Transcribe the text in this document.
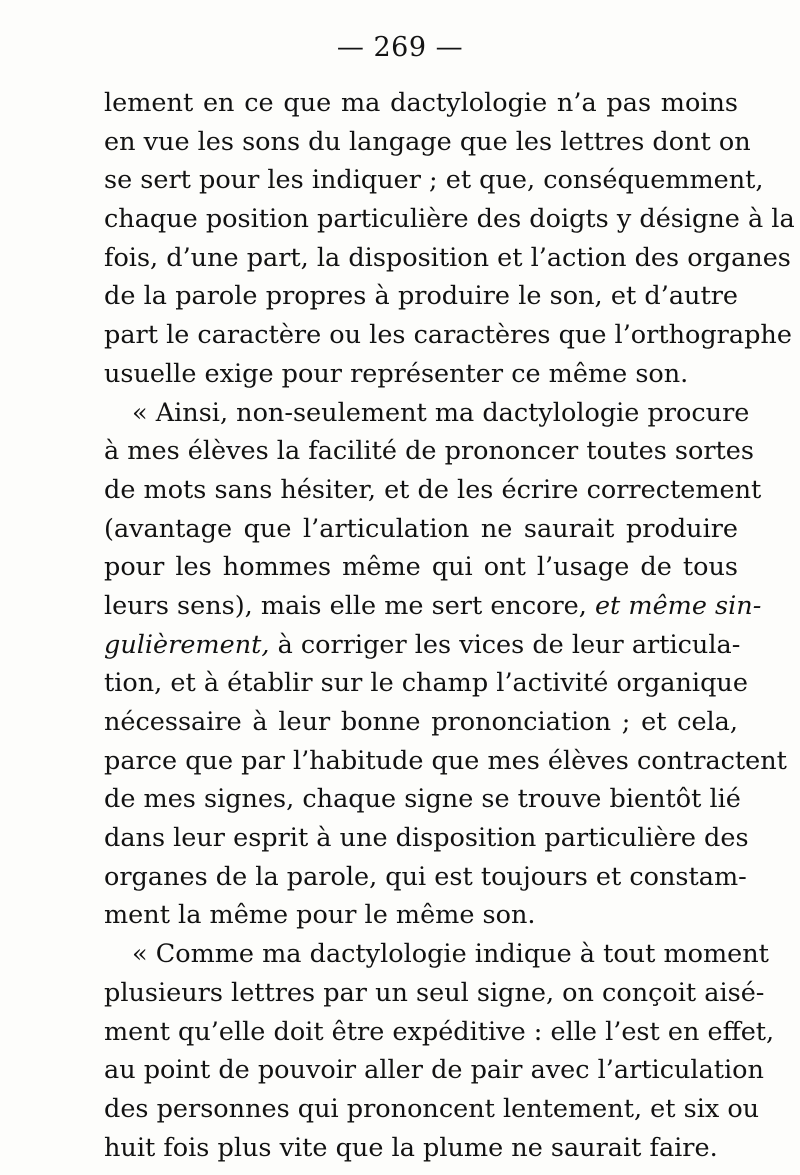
— 269 —
lement en ce que ma dactylologie n’a pas moins
en vue les sons du langage que les lettres dont on
se sert pour les indiquer ; et que, conséquemment,
chaque position particulière des doigts y désigne à la
fois, d’une part, la disposition et l’action des organes
de la parole propres à produire le son, et d’autre
part le caractère ou les caractères que l’orthographe
usuelle exige pour représenter ce même son.
« Ainsi, non-seulement ma dactylologie procure
à mes élèves la facilité de prononcer toutes sortes
de mots sans hésiter, et de les écrire correctement
(avantage que l’articulation ne saurait produire
pour les hommes même qui ont l’usage de tous
leurs sens), mais elle me sert encore, et même sin-
gulièrement, à corriger les vices de leur articula-
tion, et à établir sur le champ l’activité organique
nécessaire à leur bonne prononciation ; et cela,
parce que par l’habitude que mes élèves contractent
de mes signes, chaque signe se trouve bientôt lié
dans leur esprit à une disposition particulière des
organes de la parole, qui est toujours et constam-
ment la même pour le même son.
« Comme ma dactylologie indique à tout moment
plusieurs lettres par un seul signe, on conçoit aisé-
ment qu’elle doit être expéditive : elle l’est en effet,
au point de pouvoir aller de pair avec l’articulation
des personnes qui prononcent lentement, et six ou
huit fois plus vite que la plume ne saurait faire.
